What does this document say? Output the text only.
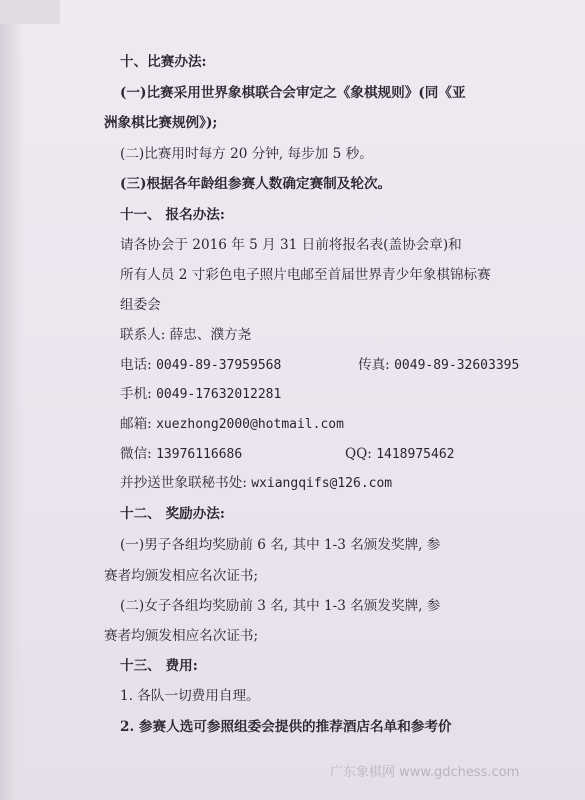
十、比赛办法:
(一)比赛采用世界象棋联合会审定之《象棋规则》(同《亚
洲象棋比赛规例》);
(二)比赛用时每方 20 分钟, 每步加 5 秒。
(三)根据各年龄组参赛人数确定赛制及轮次。
十一、 报名办法:
请各协会于 2016 年 5 月 31 日前将报名表(盖协会章)和
所有人员 2 寸彩色电子照片电邮至首届世界青少年象棋锦标赛
组委会
联系人: 薛忠、濮方尧
电话: 0049-89-37959568	传真: 0049-89-32603395
手机: 0049-17632012281
邮箱: xuezhong2000@hotmail.com
微信: 13976116686	QQ: 1418975462
并抄送世象联秘书处: wxiangqifs@126.com
十二、 奖励办法:
(一)男子各组均奖励前 6 名, 其中 1-3 名颁发奖牌, 参
赛者均颁发相应名次证书;
(二)女子各组均奖励前 3 名, 其中 1-3 名颁发奖牌, 参
赛者均颁发相应名次证书;
十三、 费用:
1. 各队一切费用自理。
2. 参赛人选可参照组委会提供的推荐酒店名单和参考价
广东象棋网 www.gdchess.com
